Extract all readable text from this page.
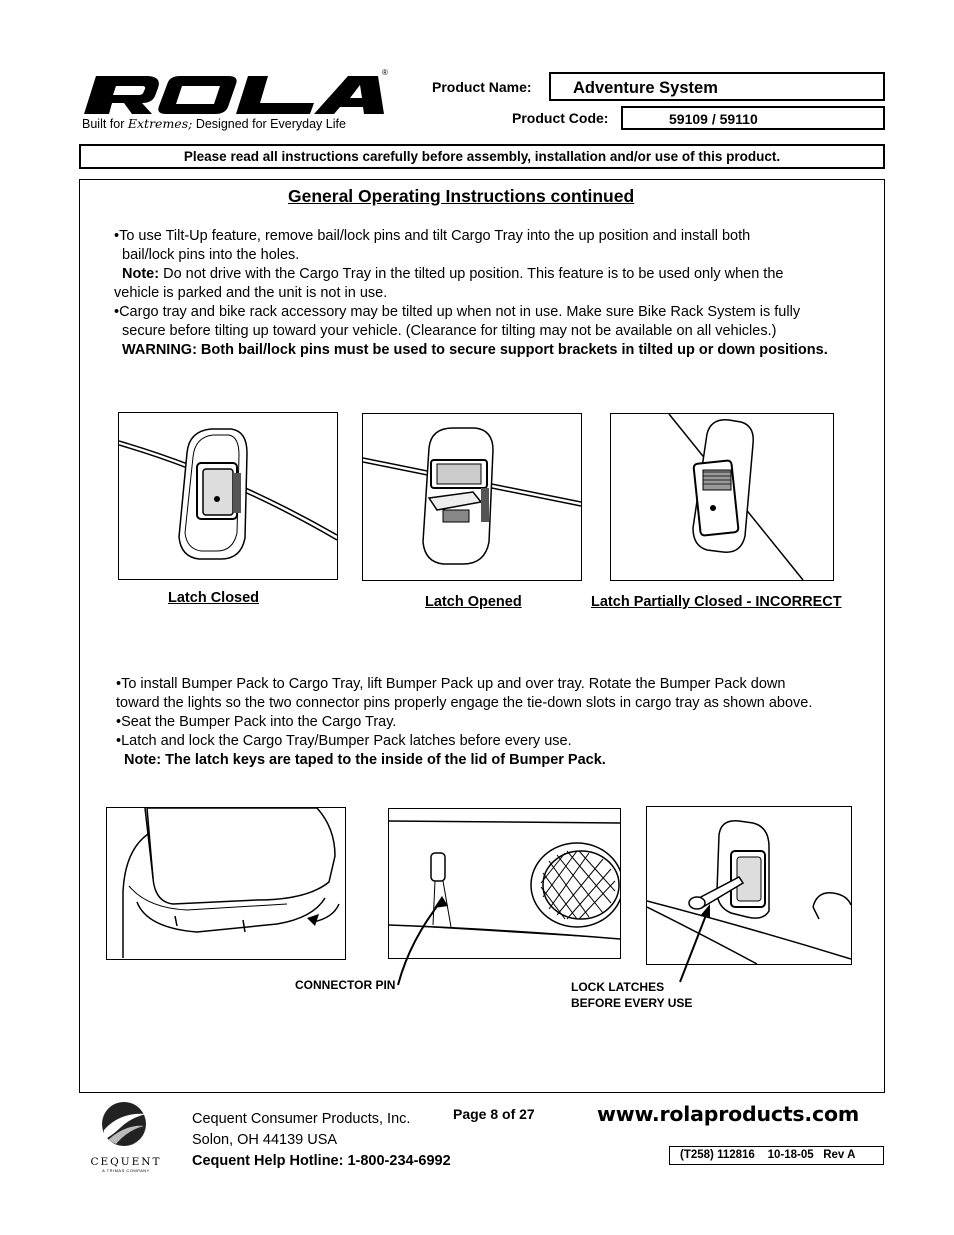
®
Built for Extremes; Designed for Everyday Life
Product Name:	Adventure System
Product Code:	59109 / 59110
Please read all instructions carefully before assembly, installation and/or use of this product.
General Operating Instructions continued
•To use Tilt-Up feature, remove bail/lock pins and tilt Cargo Tray into the up position and install both
bail/lock pins into the holes.
Note: Do not drive with the Cargo Tray in the tilted up position. This feature is to be used only when the
vehicle is parked and the unit is not in use.
•Cargo tray and bike rack accessory may be tilted up when not in use. Make sure Bike Rack System is fully
secure before tilting up toward your vehicle. (Clearance for tilting may not be available on all vehicles.)
WARNING: Both bail/lock pins must be used to secure support brackets in tilted up or down positions.
Latch Closed	Latch Opened	Latch Partially Closed - INCORRECT
•To install Bumper Pack to Cargo Tray, lift Bumper Pack up and over tray. Rotate the Bumper Pack down
toward the lights so the two connector pins properly engage the tie-down slots in cargo tray as shown above.
•Seat the Bumper Pack into the Cargo Tray.
•Latch and lock the Cargo Tray/Bumper Pack latches before every use.
Note: The latch keys are taped to the inside of the lid of Bumper Pack.
CONNECTOR PIN	LOCK LATCHES
BEFORE EVERY USE
CEQUENT
A TRIMAS COMPANY
Cequent Consumer Products, Inc.
Solon, OH 44139 USA
Cequent Help Hotline: 1-800-234-6992
Page 8 of 27	www.rolaproducts.com
(T258) 112816    10-18-05   Rev A
